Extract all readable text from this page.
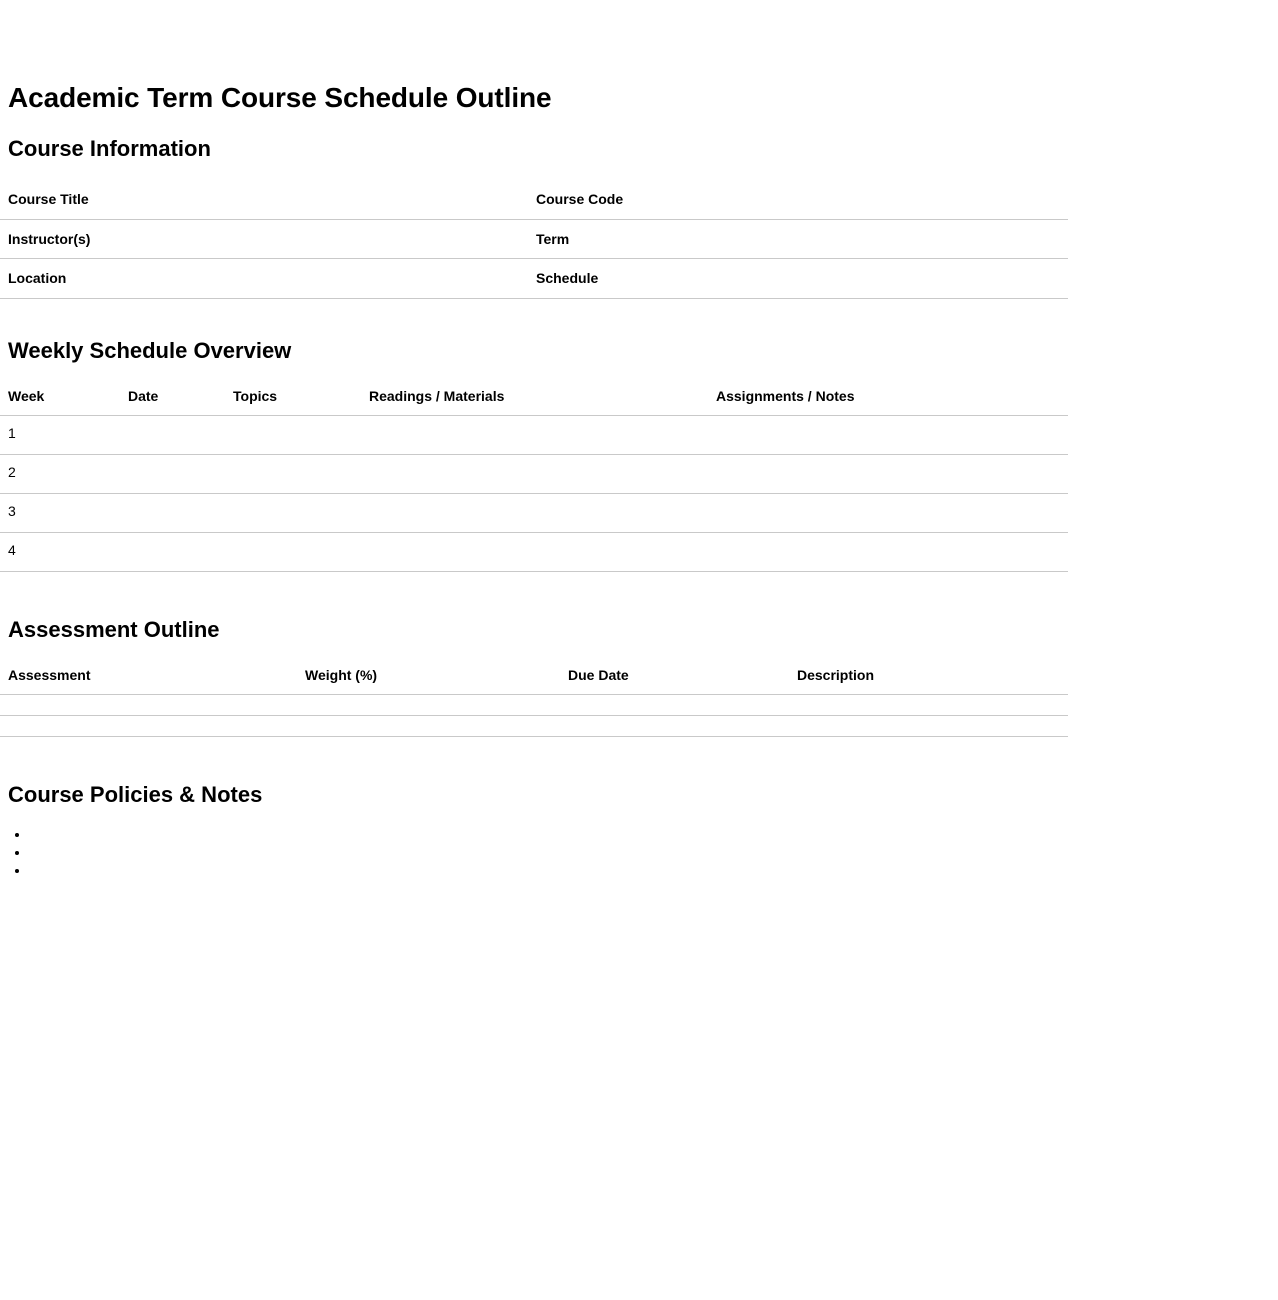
Academic Term Course Schedule Outline
Course Information
Course Title		Course Code	
Instructor(s)		Term	
Location		Schedule	
Weekly Schedule Overview
Week	Date	Topics	Readings / Materials	Assignments / Notes
1				
2				
3				
4				
Assessment Outline
Assessment	Weight (%)	Due Date	Description

Course Policies & Notes
•
•
•
